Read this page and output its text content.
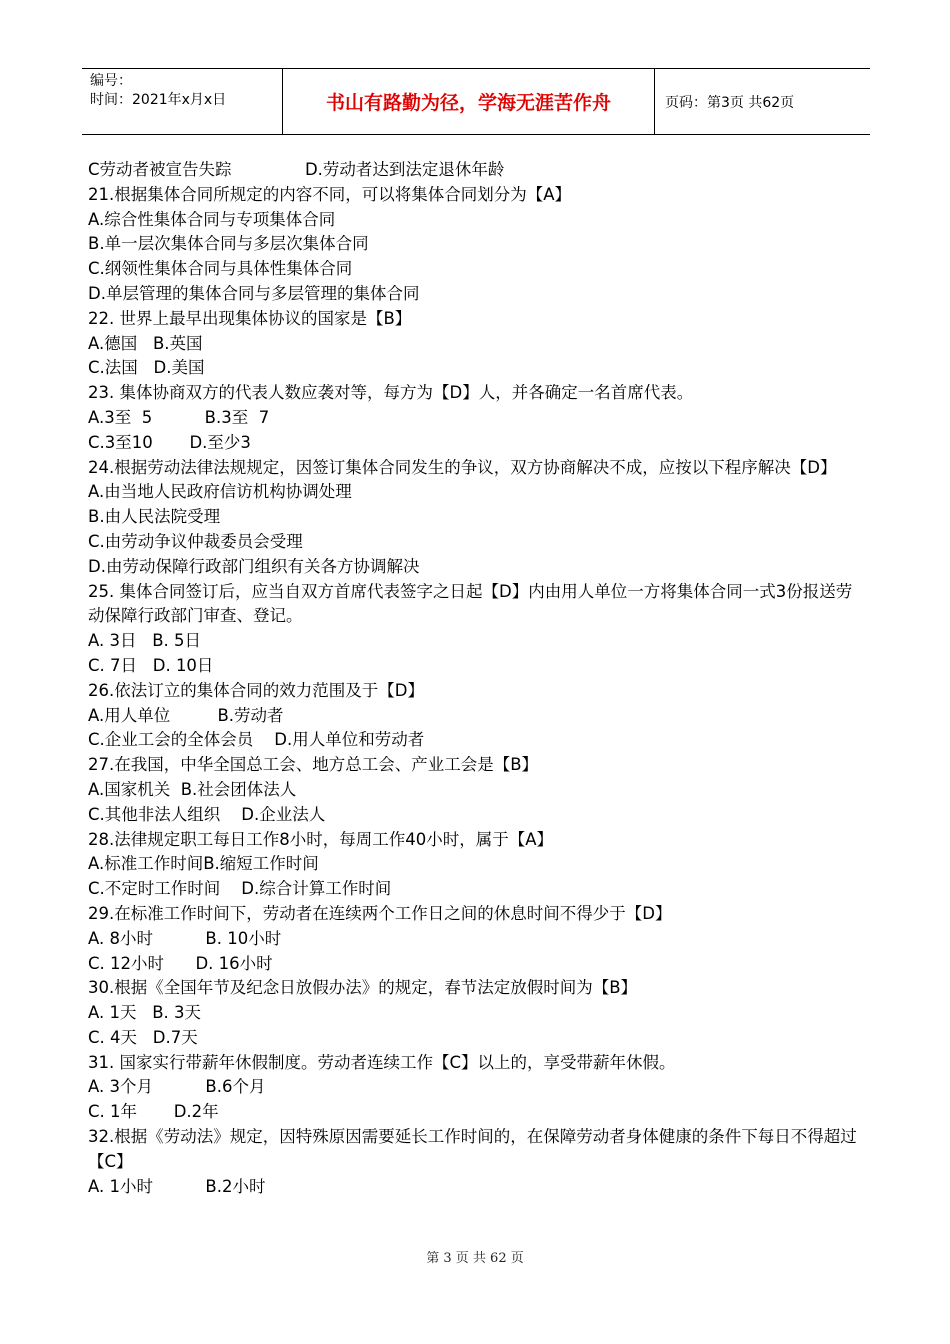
编号：
时间：2021年x月x日	书山有路勤为径，学海无涯苦作舟	页码：第3页 共62页
C劳动者被宣告失踪              D.劳动者达到法定退休年龄
21.根据集体合同所规定的内容不同，可以将集体合同划分为【A】
A.综合性集体合同与专项集体合同
B.单一层次集体合同与多层次集体合同
C.纲领性集体合同与具体性集体合同
D.单层管理的集体合同与多层管理的集体合同
22. 世界上最早出现集体协议的国家是【B】
A.德国   B.英国
C.法国   D.美国
23. 集体协商双方的代表人数应袭对等，每方为【D】人，并各确定一名首席代表。
A.3至  5          B.3至  7
C.3至10       D.至少3
24.根据劳动法律法规规定，因签订集体合同发生的争议，双方协商解决不成，应按以下程序解决【D】
A.由当地人民政府信访机构协调处理
B.由人民法院受理
C.由劳动争议仲裁委员会受理
D.由劳动保障行政部门组织有关各方协调解决
25. 集体合同签订后，应当自双方首席代表签字之日起【D】内由用人单位一方将集体合同一式3份报送劳动保障行政部门审查、登记。
A. 3日   B. 5日
C. 7日   D. 10日
26.依法订立的集体合同的效力范围及于【D】
A.用人单位         B.劳动者
C.企业工会的全体会员    D.用人单位和劳动者
27.在我国，中华全国总工会、地方总工会、产业工会是【B】
A.国家机关  B.社会团体法人
C.其他非法人组织    D.企业法人
28.法律规定职工每日工作8小时，每周工作40小时，属于【A】
A.标准工作时间B.缩短工作时间
C.不定时工作时间    D.综合计算工作时间
29.在标准工作时间下，劳动者在连续两个工作日之间的休息时间不得少于【D】
A. 8小时          B. 10小时
C. 12小时      D. 16小时
30.根据《全国年节及纪念日放假办法》的规定，春节法定放假时间为【B】
A. 1天   B. 3天
C. 4天   D.7天
31. 国家实行带薪年休假制度。劳动者连续工作【C】以上的，享受带薪年休假。
A. 3个月          B.6个月
C. 1年       D.2年
32.根据《劳动法》规定，因特殊原因需要延长工作时间的，在保障劳动者身体健康的条件下每日不得超过【C】
A. 1小时          B.2小时
第 3 页 共 62 页
